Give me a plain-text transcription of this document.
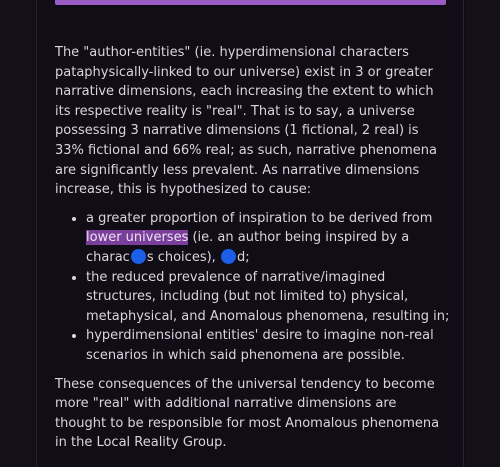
The "author-entities" (ie. hyperdimensional characters pataphysically-linked to our universe) exist in 3 or greater narrative dimensions, each increasing the extent to which its respective reality is "real". That is to say, a universe possessing 3 narrative dimensions (1 fictional, 2 real) is 33% fictional and 66% real; as such, narrative phenomena are significantly less prevalent. As narrative dimensions increase, this is hypothesized to cause:

• a greater proportion of inspiration to be derived from lower universes (ie. an author being inspired by a charac s choices), d;
• the reduced prevalence of narrative/imagined structures, including (but not limited to) physical, metaphysical, and Anomalous phenomena, resulting in;
• hyperdimensional entities' desire to imagine non-real scenarios in which said phenomena are possible.

These consequences of the universal tendency to become more "real" with additional narrative dimensions are thought to be responsible for most Anomalous phenomena in the Local Reality Group.
